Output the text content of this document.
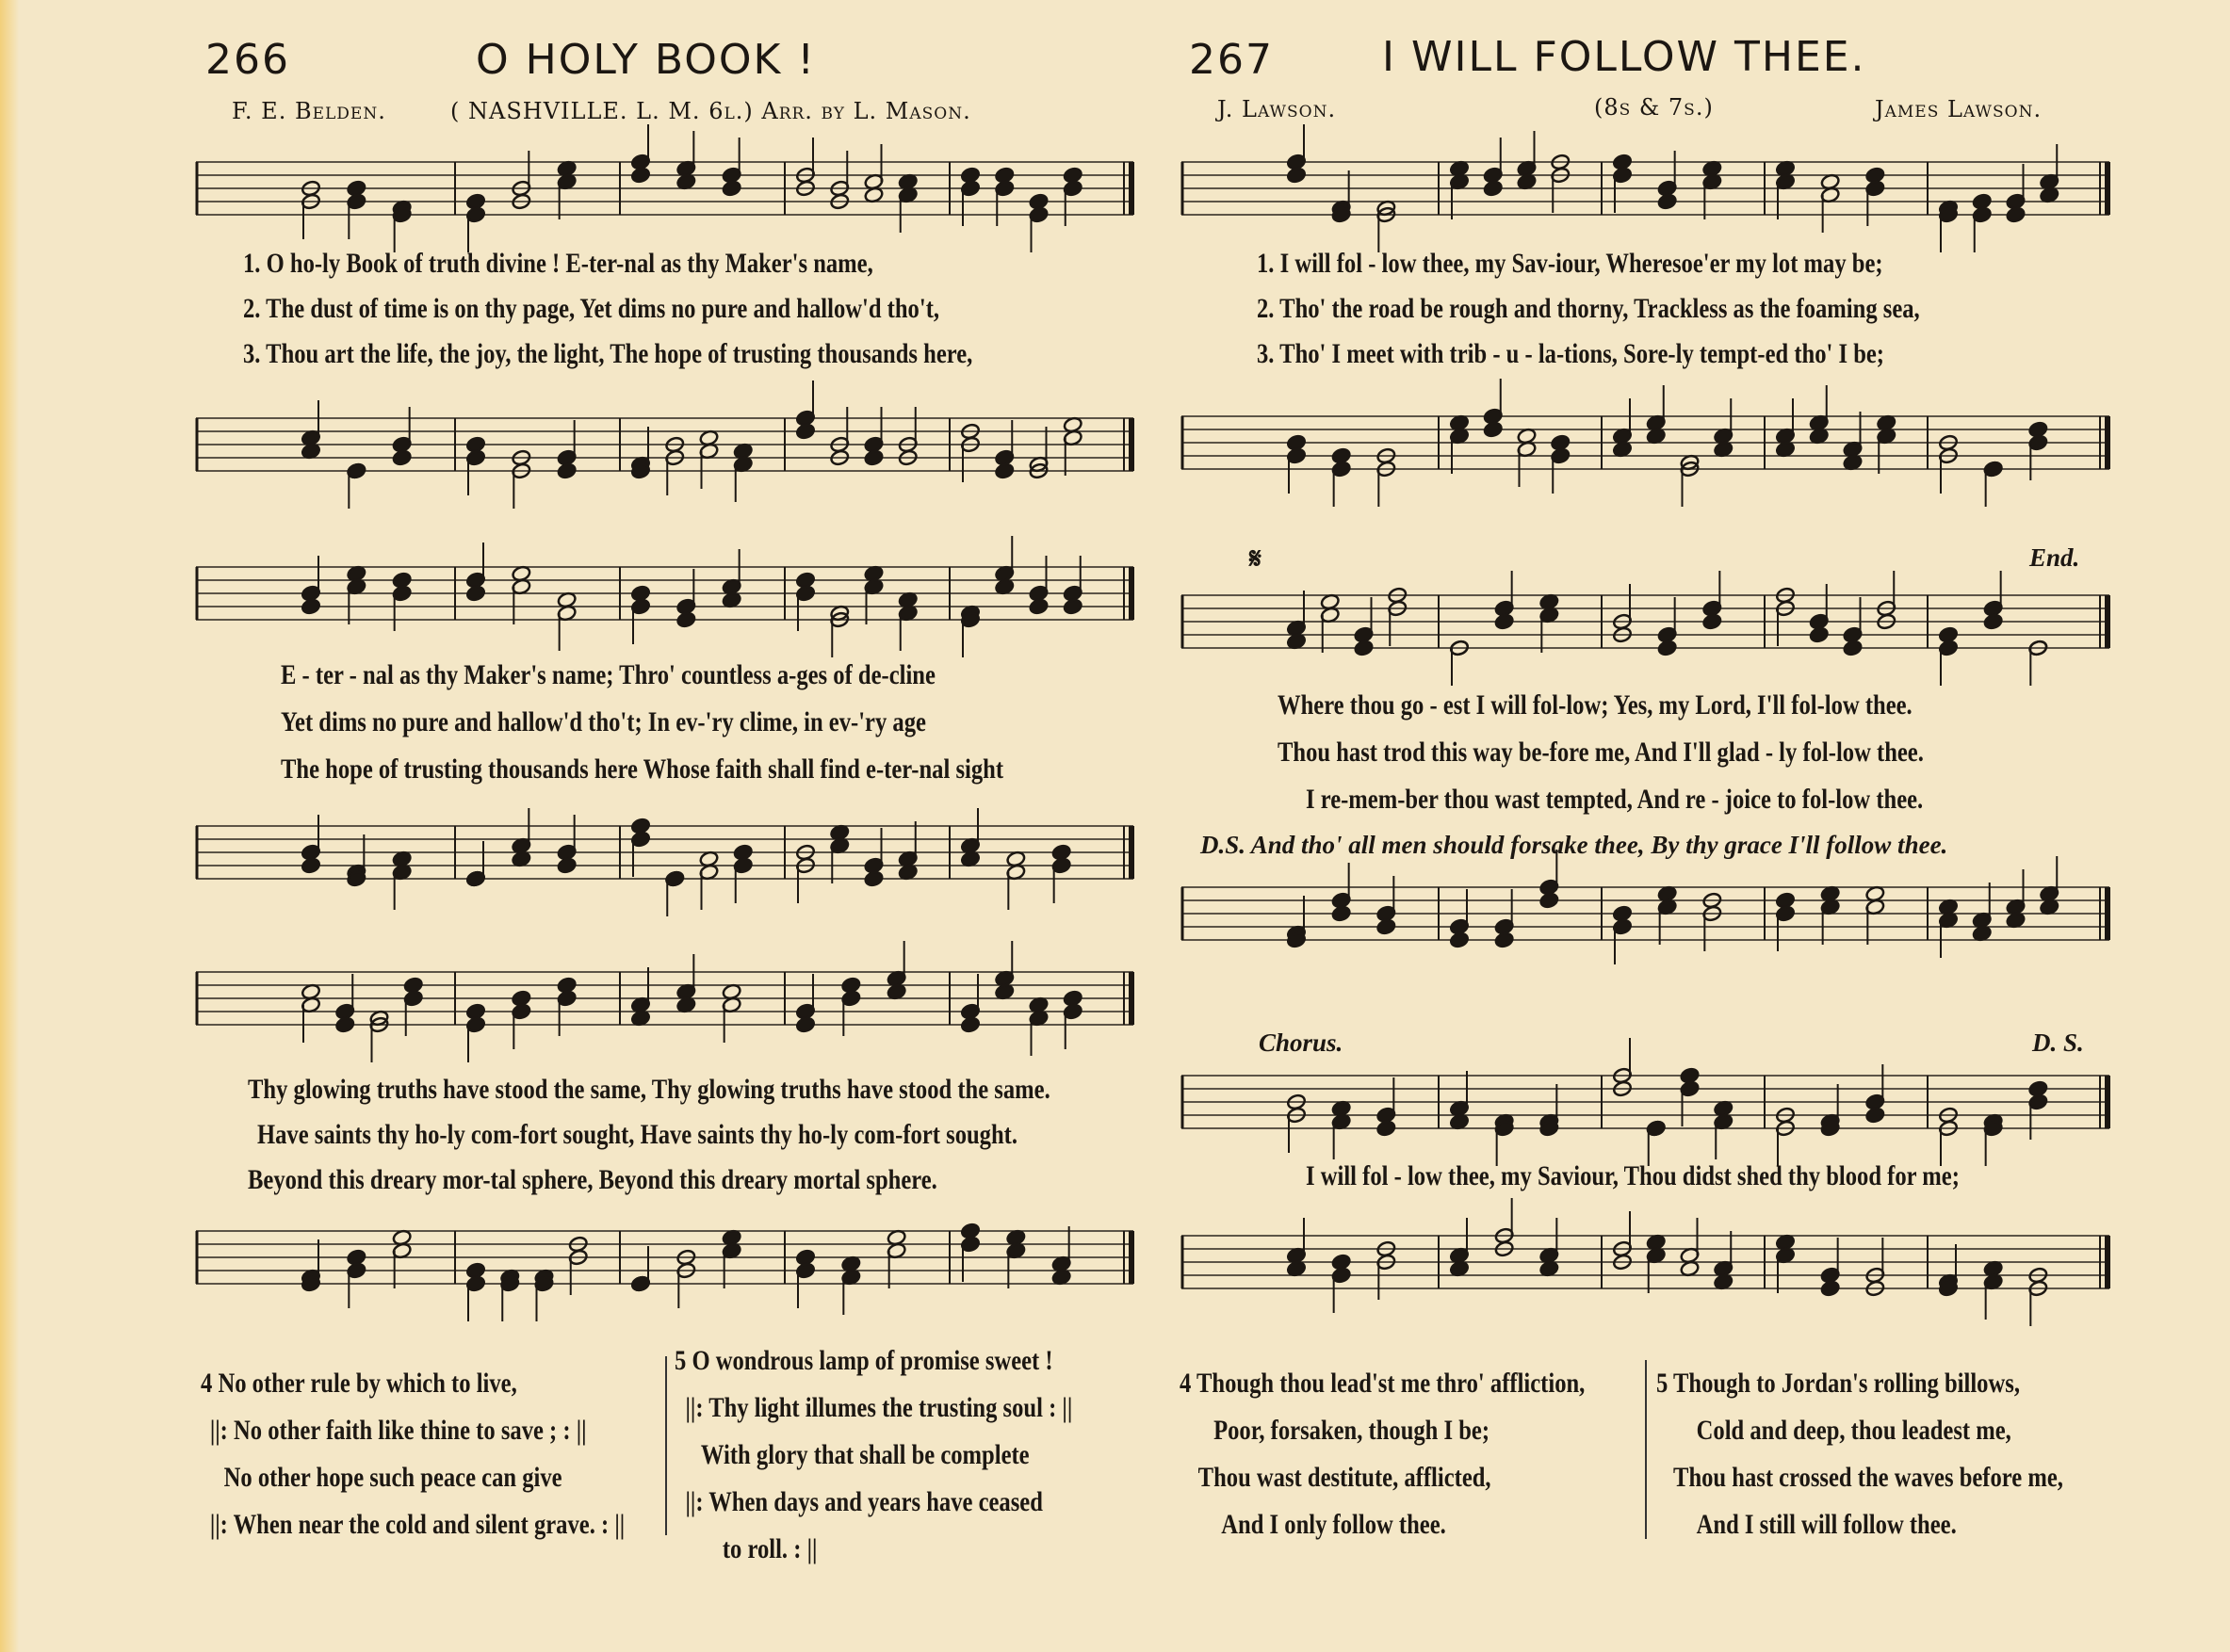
266	O HOLY BOOK !
F. E. Belden.	( NASHVILLE. L. M. 6l.) Arr. by L. Mason.
1. O ho-ly Book of truth divine ! E-ter-nal as thy Maker's name,
2. The dust of time is on thy page, Yet dims no pure and hallow'd tho't,
3. Thou art the life, the joy, the light, The hope of trusting thousands here,
E - ter - nal as thy Maker's name; Thro' countless a-ges of de-cline
Yet dims no pure and hallow'd tho't; In ev-'ry clime, in ev-'ry age
The hope of trusting thousands here Whose faith shall find e-ter-nal sight
Thy glowing truths have stood the same, Thy glowing truths have stood the same.
Have saints thy ho-ly com-fort sought, Have saints thy ho-ly com-fort sought.
Beyond this dreary mor-tal sphere, Beyond this dreary mortal sphere.
4 No other rule by which to live,
||: No other faith like thine to save ; : ||
No other hope such peace can give
||: When near the cold and silent grave. : ||
5 O wondrous lamp of promise sweet !
||: Thy light illumes the trusting soul : ||
With glory that shall be complete
||: When days and years have ceased
to roll. : ||
267	I WILL FOLLOW THEE.
J. Lawson.	(8s & 7s.)	James Lawson.
1. I will fol - low thee, my Sav-iour, Wheresoe'er my lot may be;
2. Tho' the road be rough and thorny, Trackless as the foaming sea,
3. Tho' I meet with trib - u - la-tions, Sore-ly tempt-ed tho' I be;
𝄋	End.
Where thou go - est I will fol-low; Yes, my Lord, I'll fol-low thee.
Thou hast trod this way be-fore me, And I'll glad - ly fol-low thee.
I re-mem-ber thou wast tempted, And re - joice to fol-low thee.
D.S. And tho' all men should forsake thee, By thy grace I'll follow thee.
Chorus.	D. S.
I will fol - low thee, my Saviour, Thou didst shed thy blood for me;
4 Though thou lead'st me thro' affliction,
Poor, forsaken, though I be;
Thou wast destitute, afflicted,
And I only follow thee.
5 Though to Jordan's rolling billows,
Cold and deep, thou leadest me,
Thou hast crossed the waves before me,
And I still will follow thee.
